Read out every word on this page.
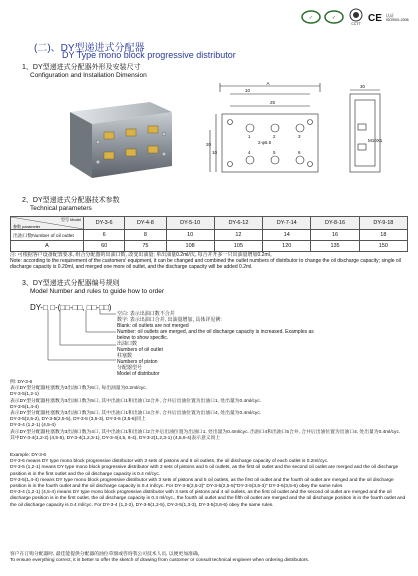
✓	✓
CCTT CE 认证
ISO9001:2008
(二)、DY型递进式分配器
DY Type mono block progressive distributor
1、DY型递进式分配器外形及安装尺寸
Configuration and Installation Dimension
A
10
25
20
10
30
2-φ6.5	M10X1
1	2	3
4	5	6
2、DY型递进式分配器技术参数
Technical parameters
型号 Model
参数 parameter	DY-3-6	DY-4-8	DY-5-10	DY-6-12	DY-7-14	DY-8-16	DY-9-18
出油口数Number of oil outlet	6	8	10	12	14	16	18
A	60	75	108	105	120	135	150
注: 可根据客户设备配置要求, 组合分配器的出油口数, 改变出油量; 单出油量0.2ml/次, 每合并开多一只出油量增加0.2ml。
Note: according to the requirement of the customers' equipment, it can be changed and combined the outlet numbers of distributor to change the oil discharge capacity; single oil discharge capacity is 0.20ml, and merged one more oil outlet, and the discharge capacity will be added 0.2ml.
3、DY型递进式分配器编号规则
Model Number and rules to guide how to order
DY-□ □-(□□-□□, □□-□□)
空白: 表示出油口数不合并
数字: 表示出油口合并, 出油量增加, 具体详见例:
Blank: oil outlets are not merged
Number: oil outlets are merged, and the oil discharge capacity is increased. Examples as
below to show specific.
出油口数
Numbers of oil outlet
柱塞数
Numbers of piston
分配器型号
Model of distributor
例: DY-3-6
表示DY型分配器柱塞数为3出油口数为6口, 每出油量为0.2ml/cyc.
DY-3-5(1,2-1)
表示DY型分配器柱塞数为3出油口数为5口, 其中出油口1和出油口2合并, 合并后出油位置为出油口1, 处出量为0.4ml/cyc.
DY-3-5(1,4-4)
表示DY型分配器柱塞数为3出油口数为5口, 其中出油口1和出油口4合并, 合并后出油位置为出油口4, 处出量为0.4ml/cyc.
DY-3-5(2,5-2), DY-3-5(2,5-5), DY-3-5 (3,5-3), DY-3-6 (3,5-6)同上
DY-3-4 (1,2-1) (4,5-4)
表示DY型分配器柱塞数为3出油口数为4口, 其中出油口1和出油口2合并后出油位置为出油口1, 处出量为0.4ml/cyc. 出油口4和出油口5合并, 合并后出油位置为出油口4, 处出量为0.4ml/cyc.
其中DY-3-4(1,2-2) (4,5-5), DY-3-4(1,2,3-1), DY-3-4(4,5, 6-4), DY-3-2(1,2,3-1) (4,5,6-4)表示意义同上
Example: DY-3-6
DY-3-6 means DY type mono block progressive distributor with 3 sets of pistons and 6 oil outlets, the oil discharge capacity of each outlet is 0.2ml/cyc.
DY-3-5 (1,2-1) means DY type mono block progressive distributor with 3 sets of pistons and 5 oil outlets, as the first oil outlet and the second oil outlet are merged and the oil discharge position is in the first outlet and the oil discharge capacity is 0.4 ml/cyc.
DY-3-5(1,4-4) means DY type mono block progressive distributor with 3 sets of pistons and 5 oil outlets, as the first oil outlet and the fourth oil outlet are merged and the oil discharge position is in the fourth outlet and the oil discharge capacity is 0.4 ml/cyc. For DY-3-5(2,5-2)" DY-3-5(2,5-5)"DY-3-5(3,5-3)" DY-3-5(3,5-6) obey the same rules
DY-3-4 (1,2-1) (4,5-4) means DY type mono block progressive distributor with 3 sets of pistons and 4 oil outlets, as the first oil outlet and the second oil outlet are merged and the oil discharge position is in the first outlet, the oil discharge capacity is 0.4 ml/cyc., the fourth oil outlet and the fifth oil outlet are merged and the oil discharge position is in the fourth outlet and the oil discharge capacity is 0.4 ml/cyc. For DY-3-4 (1,2-2), DY-3-5(1,2-5), DY-3-5(1,3-3), DY-3-5(3,6-6) obey the same rules.
客户在订购分配器时, 最佳能提供分配器的油位草图或咨询我公司技术人员, 以便更加准确。
To ensure everything correct, it is better to offer the sketch of drawing from customer or consult technical engineer when ordering distributors.
